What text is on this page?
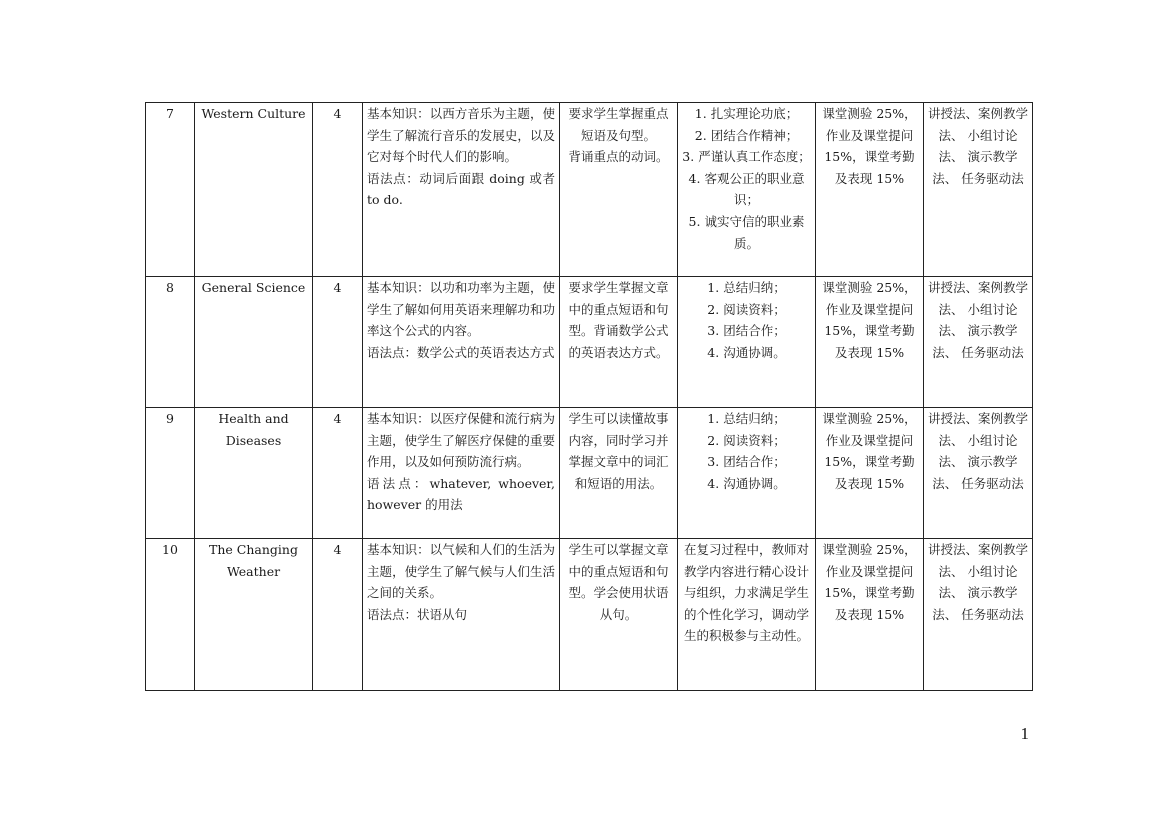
7	Western Culture	4	基本知识：以西方音乐为主题，使学生了解流行音乐的发展史，以及它对每个时代人们的影响。
语法点：动词后面跟 doing 或者 to do.	要求学生掌握重点短语及句型。
背诵重点的动词。	1. 扎实理论功底；
2. 团结合作精神；
3. 严谨认真工作态度；
4. 客观公正的职业意识；
5. 诚实守信的职业素质。	课堂测验 25%，作业及课堂提问 15%，课堂考勤及表现 15%	讲授法、案例教学法、 小组讨论法、 演示教学法、 任务驱动法
8	General Science	4	基本知识：以功和功率为主题，使学生了解如何用英语来理解功和功率这个公式的内容。
语法点：数学公式的英语表达方式	要求学生掌握文章中的重点短语和句型。背诵数学公式的英语表达方式。	1. 总结归纳；
2. 阅读资料；
3. 团结合作；
4. 沟通协调。	课堂测验 25%，作业及课堂提问 15%，课堂考勤及表现 15%	讲授法、案例教学法、 小组讨论法、 演示教学法、 任务驱动法
9	Health and Diseases	4	基本知识：以医疗保健和流行病为主题，使学生了解医疗保健的重要作用，以及如何预防流行病。
语法点：whatever, whoever, however 的用法	学生可以读懂故事内容，同时学习并掌握文章中的词汇和短语的用法。	1. 总结归纳；
2. 阅读资料；
3. 团结合作；
4. 沟通协调。	课堂测验 25%，作业及课堂提问 15%，课堂考勤及表现 15%	讲授法、案例教学法、 小组讨论法、 演示教学法、 任务驱动法
10	The Changing Weather	4	基本知识：以气候和人们的生活为主题，使学生了解气候与人们生活之间的关系。
语法点：状语从句	学生可以掌握文章中的重点短语和句型。学会使用状语从句。	在复习过程中，教师对教学内容进行精心设计与组织，力求满足学生的个性化学习，调动学生的积极参与主动性。	课堂测验 25%，作业及课堂提问 15%，课堂考勤及表现 15%	讲授法、案例教学法、 小组讨论法、 演示教学法、 任务驱动法
1
